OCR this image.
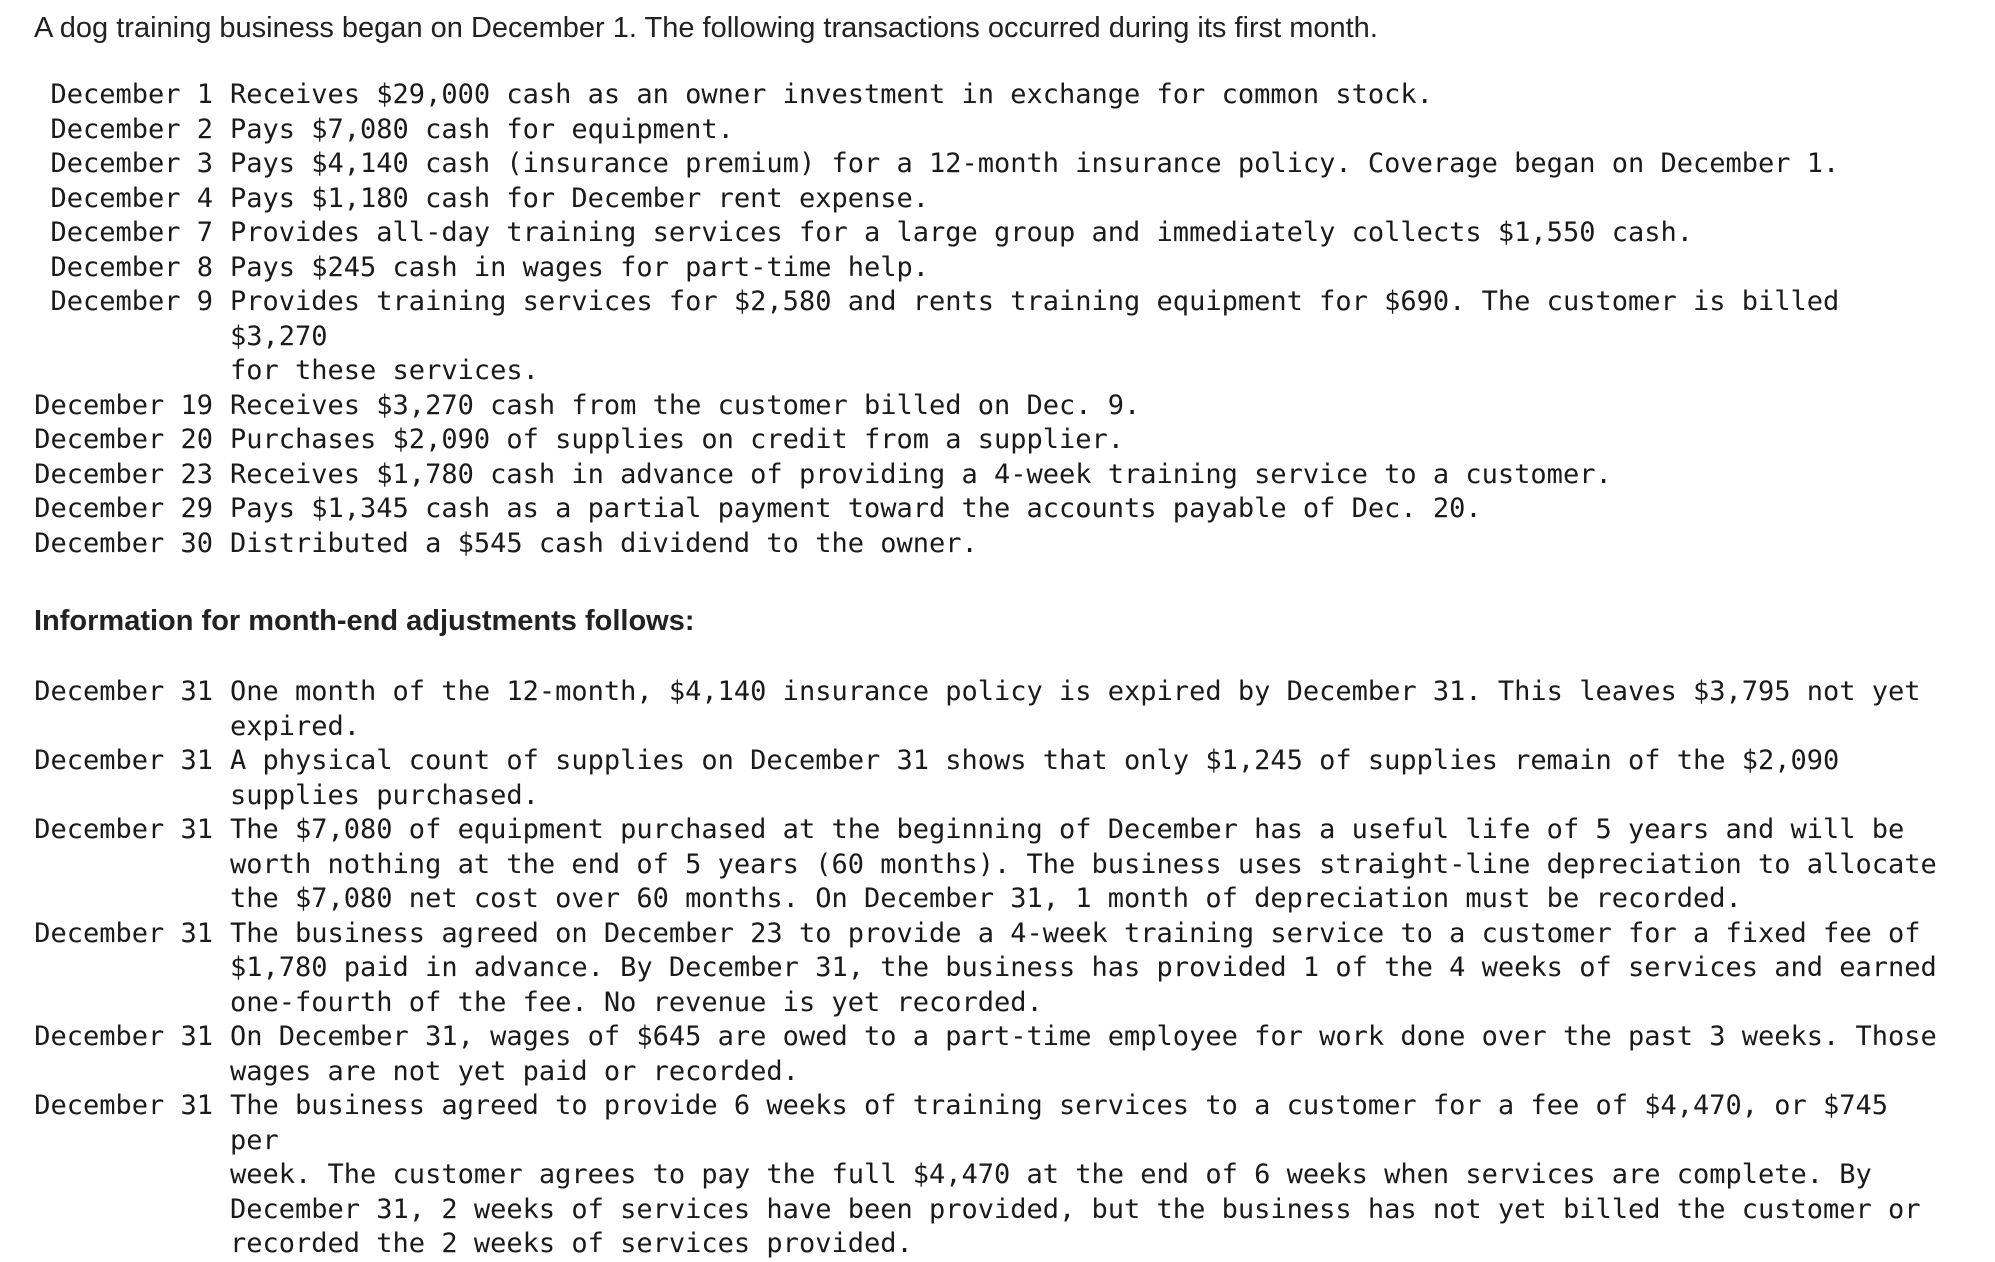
A dog training business began on December 1. The following transactions occurred during its first month.

December 1 Receives $29,000 cash as an owner investment in exchange for common stock.
December 2 Pays $7,080 cash for equipment.
December 3 Pays $4,140 cash (insurance premium) for a 12-month insurance policy. Coverage began on December 1.
December 4 Pays $1,180 cash for December rent expense.
December 7 Provides all-day training services for a large group and immediately collects $1,550 cash.
December 8 Pays $245 cash in wages for part-time help.
December 9 Provides training services for $2,580 and rents training equipment for $690. The customer is billed $3,270
for these services.
December 19 Receives $3,270 cash from the customer billed on Dec. 9.
December 20 Purchases $2,090 of supplies on credit from a supplier.
December 23 Receives $1,780 cash in advance of providing a 4-week training service to a customer.
December 29 Pays $1,345 cash as a partial payment toward the accounts payable of Dec. 20.
December 30 Distributed a $545 cash dividend to the owner.
Information for month-end adjustments follows:
December 31 One month of the 12-month, $4,140 insurance policy is expired by December 31. This leaves $3,795 not yet
expired.
December 31 A physical count of supplies on December 31 shows that only $1,245 of supplies remain of the $2,090
supplies purchased.
December 31 The $7,080 of equipment purchased at the beginning of December has a useful life of 5 years and will be
worth nothing at the end of 5 years (60 months). The business uses straight-line depreciation to allocate
the $7,080 net cost over 60 months. On December 31, 1 month of depreciation must be recorded.
December 31 The business agreed on December 23 to provide a 4-week training service to a customer for a fixed fee of
$1,780 paid in advance. By December 31, the business has provided 1 of the 4 weeks of services and earned
one-fourth of the fee. No revenue is yet recorded.
December 31 On December 31, wages of $645 are owed to a part-time employee for work done over the past 3 weeks. Those
wages are not yet paid or recorded.
December 31 The business agreed to provide 6 weeks of training services to a customer for a fee of $4,470, or $745 per
week. The customer agrees to pay the full $4,470 at the end of 6 weeks when services are complete. By
December 31, 2 weeks of services have been provided, but the business has not yet billed the customer or
recorded the 2 weeks of services provided.
